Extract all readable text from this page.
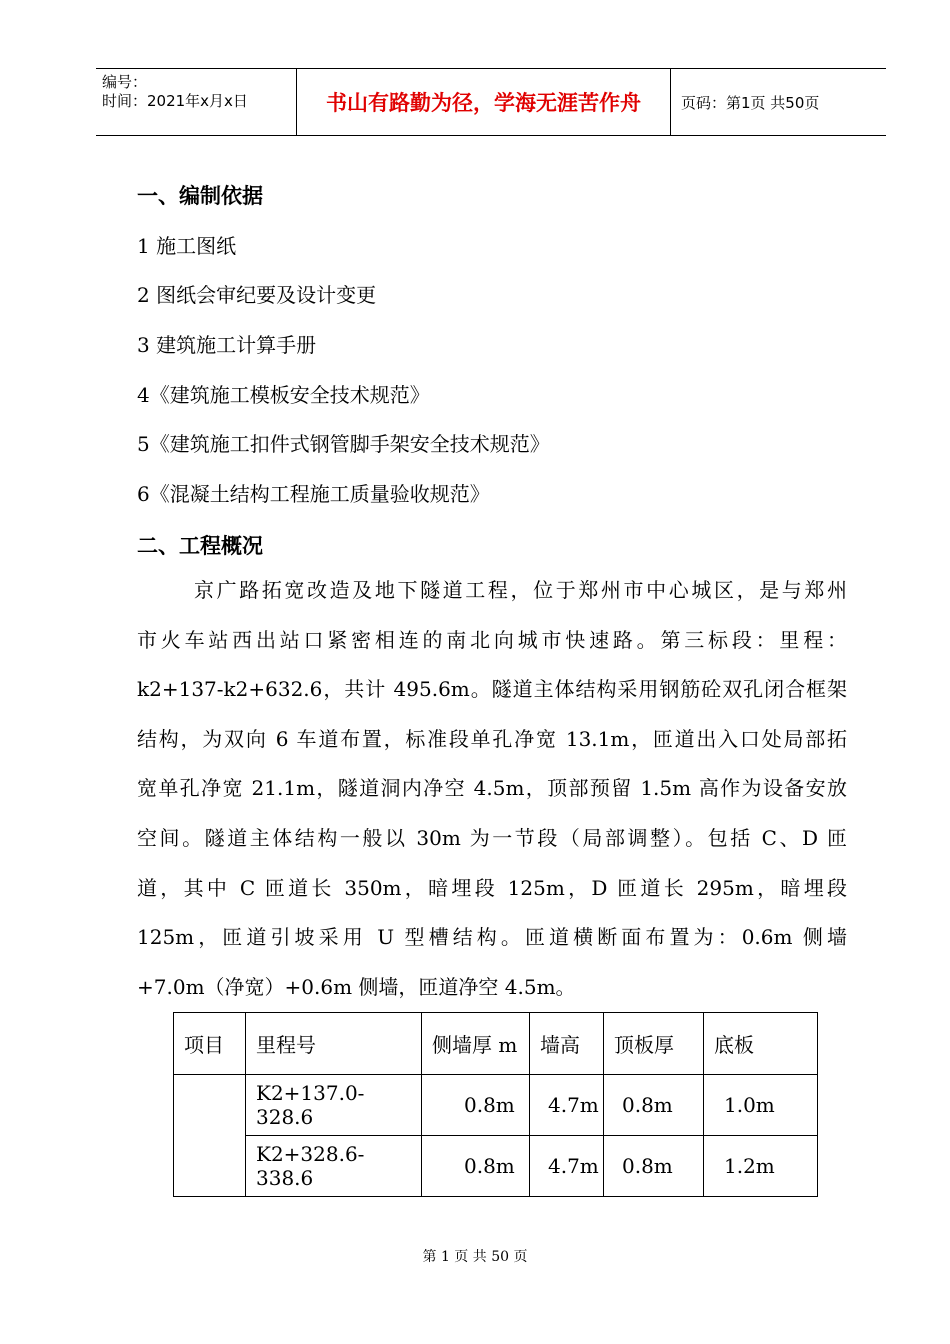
编号：
时间：2021年x月x日	书山有路勤为径，学海无涯苦作舟	页码：第1页 共50页
一、编制依据
1 施工图纸
2 图纸会审纪要及设计变更
3 建筑施工计算手册
4《建筑施工模板安全技术规范》
5《建筑施工扣件式钢管脚手架安全技术规范》
6《混凝土结构工程施工质量验收规范》
二、工程概况
京广路拓宽改造及地下隧道工程，位于郑州市中心城区，是与郑州
市火车站西出站口紧密相连的南北向城市快速路。第三标段：里程：
k2+137-k2+632.6，共计 495.6m。隧道主体结构采用钢筋砼双孔闭合框架
结构，为双向 6 车道布置，标准段单孔净宽 13.1m，匝道出入口处局部拓
宽单孔净宽 21.1m，隧道洞内净空 4.5m，顶部预留 1.5m 高作为设备安放
空间。隧道主体结构一般以 30m 为一节段（局部调整）。包括 C、D 匝
道，其中 C 匝道长 350m，暗埋段 125m，D 匝道长 295m，暗埋段
125m，匝道引坡采用 U 型槽结构。匝道横断面布置为：0.6m 侧墙
+7.0m（净宽）+0.6m 侧墙，匝道净空 4.5m。
项目	里程号	侧墙厚 m	墙高	顶板厚	底板
	K2+137.0-328.6	0.8m	4.7m	0.8m	1.0m
	K2+328.6-338.6	0.8m	4.7m	0.8m	1.2m
第 1 页 共 50 页
